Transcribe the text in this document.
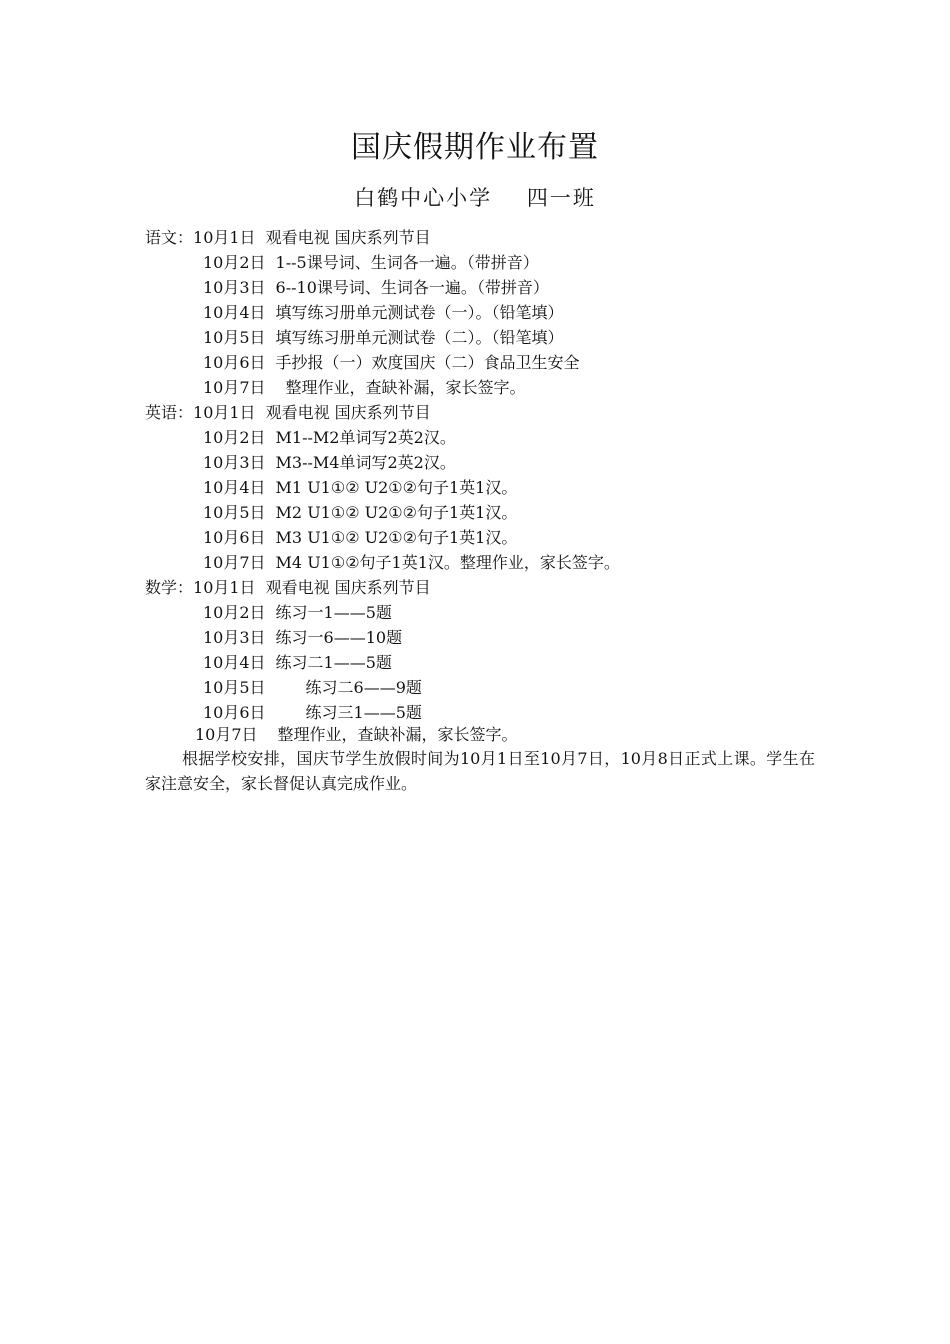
国庆假期作业布置
白鹤中心小学    四一班
语文：10月1日 观看电视 国庆系列节目
10月2日 1--5课号词、生词各一遍。（带拼音）
10月3日 6--10课号词、生词各一遍。（带拼音）
10月4日 填写练习册单元测试卷（一）。（铅笔填）
10月5日 填写练习册单元测试卷（二）。（铅笔填）
10月6日 手抄报（一）欢度国庆（二）食品卫生安全
10月7日 整理作业，查缺补漏，家长签字。
英语：10月1日 观看电视 国庆系列节目
10月2日 M1--M2单词写2英2汉。
10月3日 M3--M4单词写2英2汉。
10月4日 M1 U1①② U2①②句子1英1汉。
10月5日 M2 U1①② U2①②句子1英1汉。
10月6日 M3 U1①② U2①②句子1英1汉。
10月7日 M4 U1①②句子1英1汉。整理作业，家长签字。
数学：10月1日 观看电视 国庆系列节目
10月2日 练习一1——5题
10月3日 练习一6——10题
10月4日 练习二1——5题
10月5日	练习二6——9题
10月6日	练习三1——5题
10月7日 整理作业，查缺补漏，家长签字。
根据学校安排，国庆节学生放假时间为10月1日至10月7日，10月8日正式上课。学生在家注意安全，家长督促认真完成作业。
